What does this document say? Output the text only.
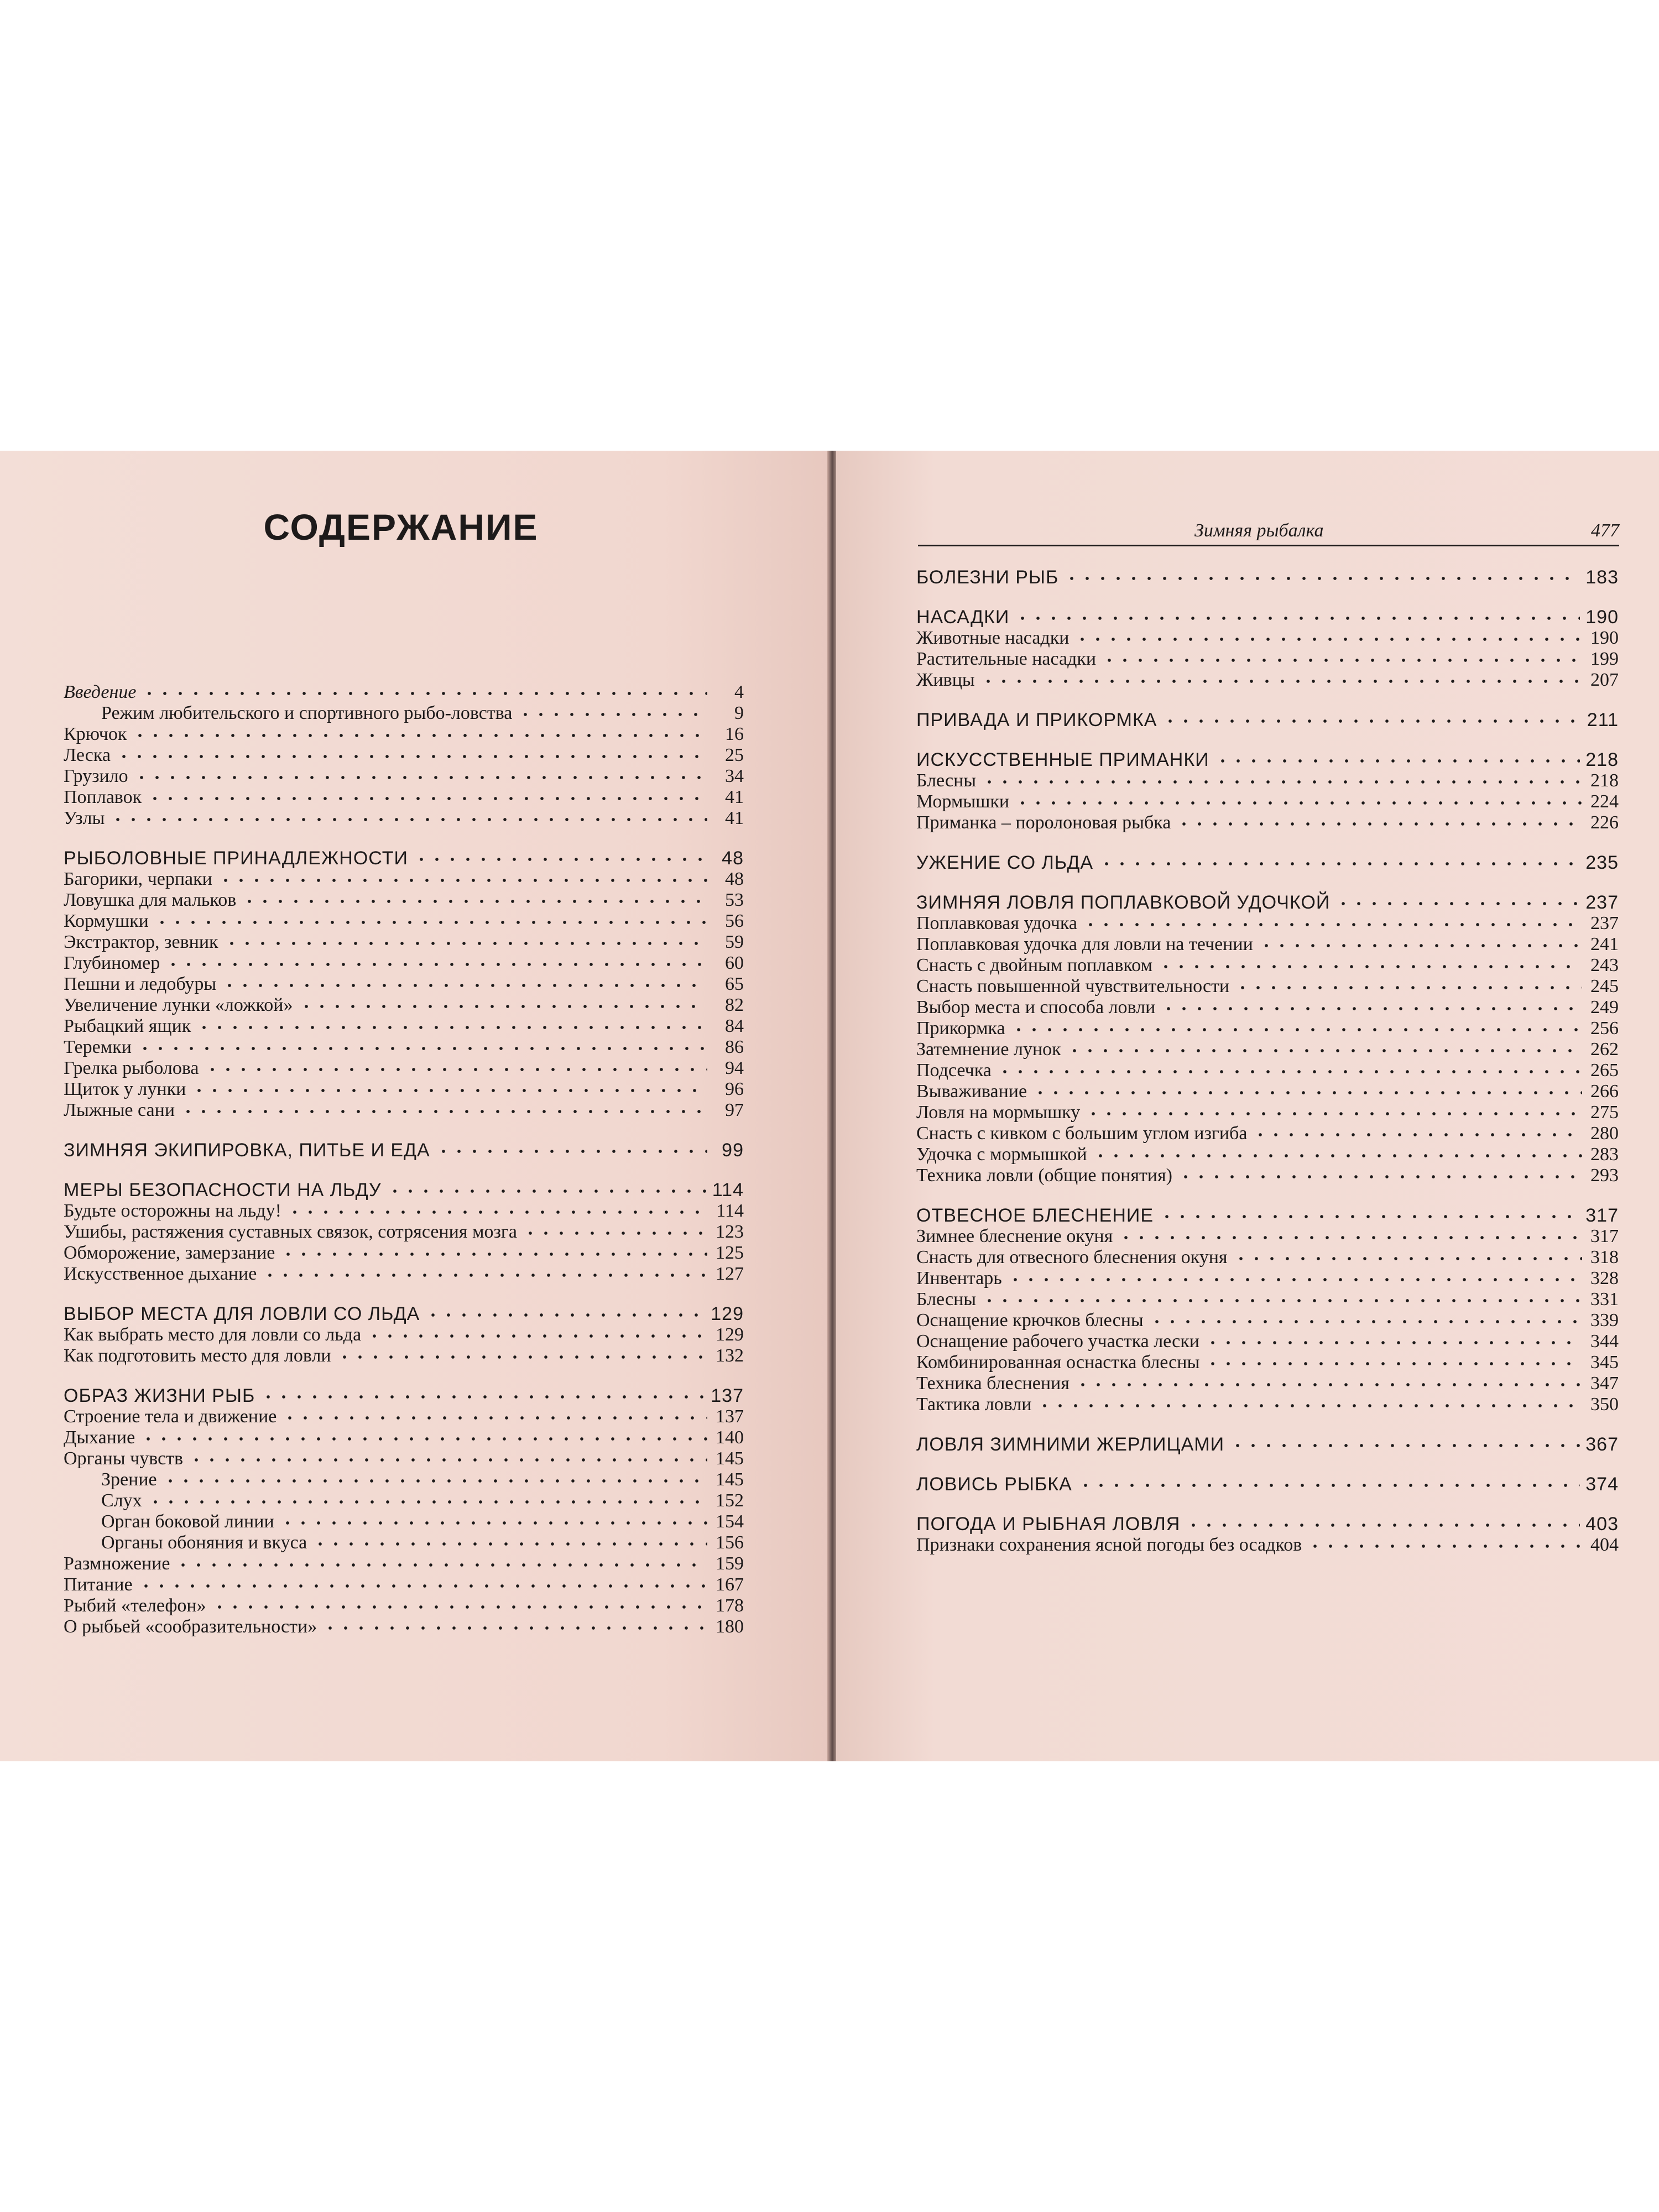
СОДЕРЖАНИЕ
Введение	4
Режим любительского и спортивного рыбо-ловства	9
Крючок	16
Леска	25
Грузило	34
Поплавок	41
Узлы	41
РЫБОЛОВНЫЕ ПРИНАДЛЕЖНОСТИ	48
Багорики, черпаки	48
Ловушка для мальков	53
Кормушки	56
Экстрактор, зевник	59
Глубиномер	60
Пешни и ледобуры	65
Увеличение лунки «ложкой»	82
Рыбацкий ящик	84
Теремки	86
Грелка рыболова	94
Щиток у лунки	96
Лыжные сани	97
ЗИМНЯЯ ЭКИПИРОВКА, ПИТЬЕ И ЕДА	99
МЕРЫ БЕЗОПАСНОСТИ НА ЛЬДУ	114
Будьте осторожны на льду!	114
Ушибы, растяжения суставных связок, сотрясения мозга	123
Обморожение, замерзание	125
Искусственное дыхание	127
ВЫБОР МЕСТА ДЛЯ ЛОВЛИ СО ЛЬДА	129
Как выбрать место для ловли со льда	129
Как подготовить место для ловли	132
ОБРАЗ ЖИЗНИ РЫБ	137
Строение тела и движение	137
Дыхание	140
Органы чувств	145
Зрение	145
Слух	152
Орган боковой линии	154
Органы обоняния и вкуса	156
Размножение	159
Питание	167
Рыбий «телефон»	178
О рыбьей «сообразительности»	180
Зимняя рыбалка	477
БОЛЕЗНИ РЫБ	183
НАСАДКИ	190
Животные насадки	190
Растительные насадки	199
Живцы	207
ПРИВАДА И ПРИКОРМКА	211
ИСКУССТВЕННЫЕ ПРИМАНКИ	218
Блесны	218
Мормышки	224
Приманка – поролоновая рыбка	226
УЖЕНИЕ СО ЛЬДА	235
ЗИМНЯЯ ЛОВЛЯ ПОПЛАВКОВОЙ УДОЧКОЙ	237
Поплавковая удочка	237
Поплавковая удочка для ловли на течении	241
Снасть с двойным поплавком	243
Снасть повышенной чувствительности	245
Выбор места и способа ловли	249
Прикормка	256
Затемнение лунок	262
Подсечка	265
Вываживание	266
Ловля на мормышку	275
Снасть с кивком с большим углом изгиба	280
Удочка с мормышкой	283
Техника ловли (общие понятия)	293
ОТВЕСНОЕ БЛЕСНЕНИЕ	317
Зимнее блеснение окуня	317
Снасть для отвесного блеснения окуня	318
Инвентарь	328
Блесны	331
Оснащение крючков блесны	339
Оснащение рабочего участка лески	344
Комбинированная оснастка блесны	345
Техника блеснения	347
Тактика ловли	350
ЛОВЛЯ ЗИМНИМИ ЖЕРЛИЦАМИ	367
ЛОВИСЬ РЫБКА	374
ПОГОДА И РЫБНАЯ ЛОВЛЯ	403
Признаки сохранения ясной погоды без осадков	404
